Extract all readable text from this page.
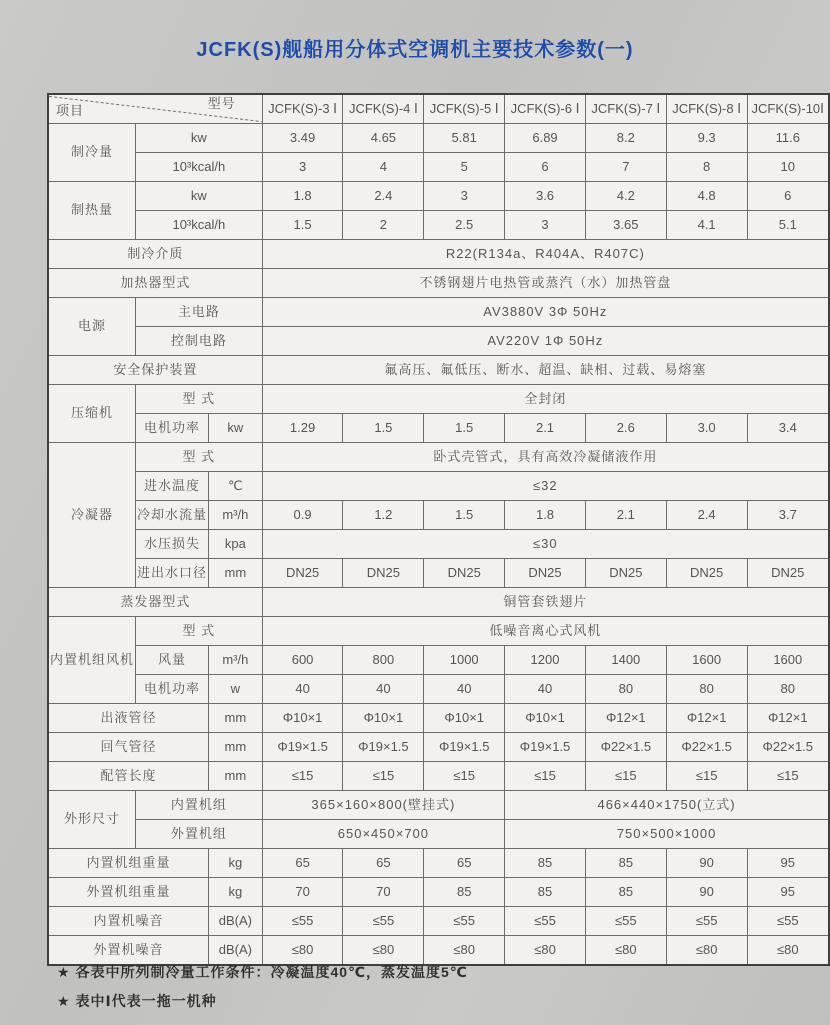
JCFK(S)舰船用分体式空调机主要技术参数(一)
项目 型号			JCFK(S)-3 Ⅰ	JCFK(S)-4 Ⅰ	JCFK(S)-5 Ⅰ	JCFK(S)-6 Ⅰ	JCFK(S)-7 Ⅰ	JCFK(S)-8 Ⅰ	JCFK(S)-10Ⅰ
制冷量	kw		3.49	4.65	5.81	6.89	8.2	9.3	11.6
	10³kcal/h		3	4	5	6	7	8	10
制热量	kw		1.8	2.4	3	3.6	4.2	4.8	6
	10³kcal/h		1.5	2	2.5	3	3.65	4.1	5.1
制冷介质			R22(R134a、R404A、R407C)						
加热器型式			不锈钢翅片电热管或蒸汽（水）加热管盘						
电源	主电路		AV3880V 3Φ 50Hz						
	控制电路		AV220V 1Φ 50Hz						
安全保护装置			氟高压、氟低压、断水、超温、缺相、过载、易熔塞						
压缩机	型 式		全封闭						
	电机功率	kw	1.29	1.5	1.5	2.1	2.6	3.0	3.4
冷凝器	型 式		卧式壳管式，具有高效冷凝储液作用						
	进水温度	℃	≤32						
	冷却水流量	m³/h	0.9	1.2	1.5	1.8	2.1	2.4	3.7
	水压损失	kpa	≤30						
	进出水口径	mm	DN25	DN25	DN25	DN25	DN25	DN25	DN25
蒸发器型式			铜管套铁翅片						
内置机组风机	型 式		低噪音离心式风机						
	风量	m³/h	600	800	1000	1200	1400	1600	1600
	电机功率	w	40	40	40	40	80	80	80
出液管径		mm	Φ10×1	Φ10×1	Φ10×1	Φ10×1	Φ12×1	Φ12×1	Φ12×1
回气管径		mm	Φ19×1.5	Φ19×1.5	Φ19×1.5	Φ19×1.5	Φ22×1.5	Φ22×1.5	Φ22×1.5
配管长度		mm	≤15	≤15	≤15	≤15	≤15	≤15	≤15
外形尺寸	内置机组		365×160×800(壁挂式)			466×440×1750(立式)			
	外置机组		650×450×700			750×500×1000			
内置机组重量		kg	65	65	65	85	85	90	95
外置机组重量		kg	70	70	85	85	85	90	95
内置机噪音		dB(A)	≤55	≤55	≤55	≤55	≤55	≤55	≤55
外置机噪音		dB(A)	≤80	≤80	≤80	≤80	≤80	≤80	≤80
★ 各表中所列制冷量工作条件：冷凝温度40℃，蒸发温度5℃
★ 表中Ⅰ代表一拖一机种
